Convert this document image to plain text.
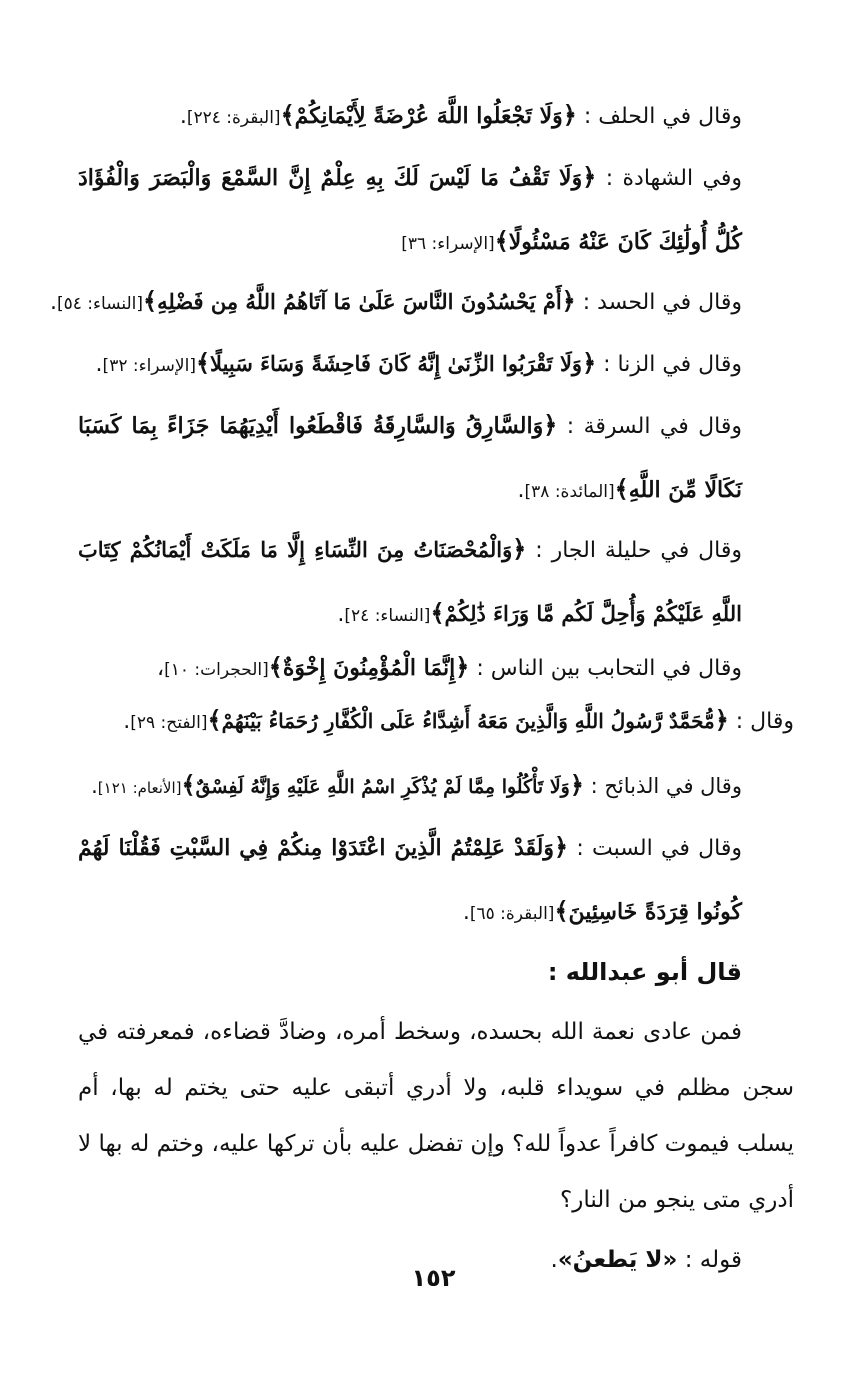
وقال في الحلف : ﴿وَلَا تَجْعَلُوا اللَّهَ عُرْضَةً لِأَيْمَانِكُمْ﴾[البقرة: ٢٢٤].

وفي الشهادة : ﴿وَلَا تَقْفُ مَا لَيْسَ لَكَ بِهِ عِلْمٌ إِنَّ السَّمْعَ وَالْبَصَرَ وَالْفُؤَادَ كُلُّ أُولَٰئِكَ كَانَ عَنْهُ مَسْئُولًا﴾[الإسراء: ٣٦]

وقال في الحسد : ﴿أَمْ يَحْسُدُونَ النَّاسَ عَلَىٰ مَا آتَاهُمُ اللَّهُ مِن فَضْلِهِ﴾[النساء: ٥٤].

وقال في الزنا : ﴿وَلَا تَقْرَبُوا الزِّنَىٰ إِنَّهُ كَانَ فَاحِشَةً وَسَاءَ سَبِيلًا﴾[الإسراء: ٣٢].

وقال في السرقة : ﴿وَالسَّارِقُ وَالسَّارِقَةُ فَاقْطَعُوا أَيْدِيَهُمَا جَزَاءً بِمَا كَسَبَا نَكَالًا مِّنَ اللَّهِ﴾[المائدة: ٣٨].

وقال في حليلة الجار : ﴿وَالْمُحْصَنَاتُ مِنَ النِّسَاءِ إِلَّا مَا مَلَكَتْ أَيْمَانُكُمْ كِتَابَ اللَّهِ عَلَيْكُمْ وَأُحِلَّ لَكُم مَّا وَرَاءَ ذَٰلِكُمْ﴾[النساء: ٢٤].

وقال في التحابب بين الناس : ﴿إِنَّمَا الْمُؤْمِنُونَ إِخْوَةٌ﴾[الحجرات: ١٠]،

وقال : ﴿مُّحَمَّدٌ رَّسُولُ اللَّهِ وَالَّذِينَ مَعَهُ أَشِدَّاءُ عَلَى الْكُفَّارِ رُحَمَاءُ بَيْنَهُمْ﴾[الفتح: ٢٩].

وقال في الذبائح : ﴿وَلَا تَأْكُلُوا مِمَّا لَمْ يُذْكَرِ اسْمُ اللَّهِ عَلَيْهِ وَإِنَّهُ لَفِسْقٌ﴾[الأنعام: ١٢١].

وقال في السبت : ﴿وَلَقَدْ عَلِمْتُمُ الَّذِينَ اعْتَدَوْا مِنكُمْ فِي السَّبْتِ فَقُلْنَا لَهُمْ كُونُوا قِرَدَةً خَاسِئِينَ﴾[البقرة: ٦٥].

قال أبو عبدالله :

فمن عادى نعمة الله بحسده، وسخط أمره، وضادَّ قضاءه، فمعرفته في سجن مظلم في سويداء قلبه، ولا أدري أتبقى عليه حتى يختم له بها، أم يسلب فيموت كافراً عدواً لله؟ وإن تفضل عليه بأن تركها عليه، وختم له بها لا أدري متى ينجو من النار؟

قوله : «لا يَطعنُ».

١٥٢
